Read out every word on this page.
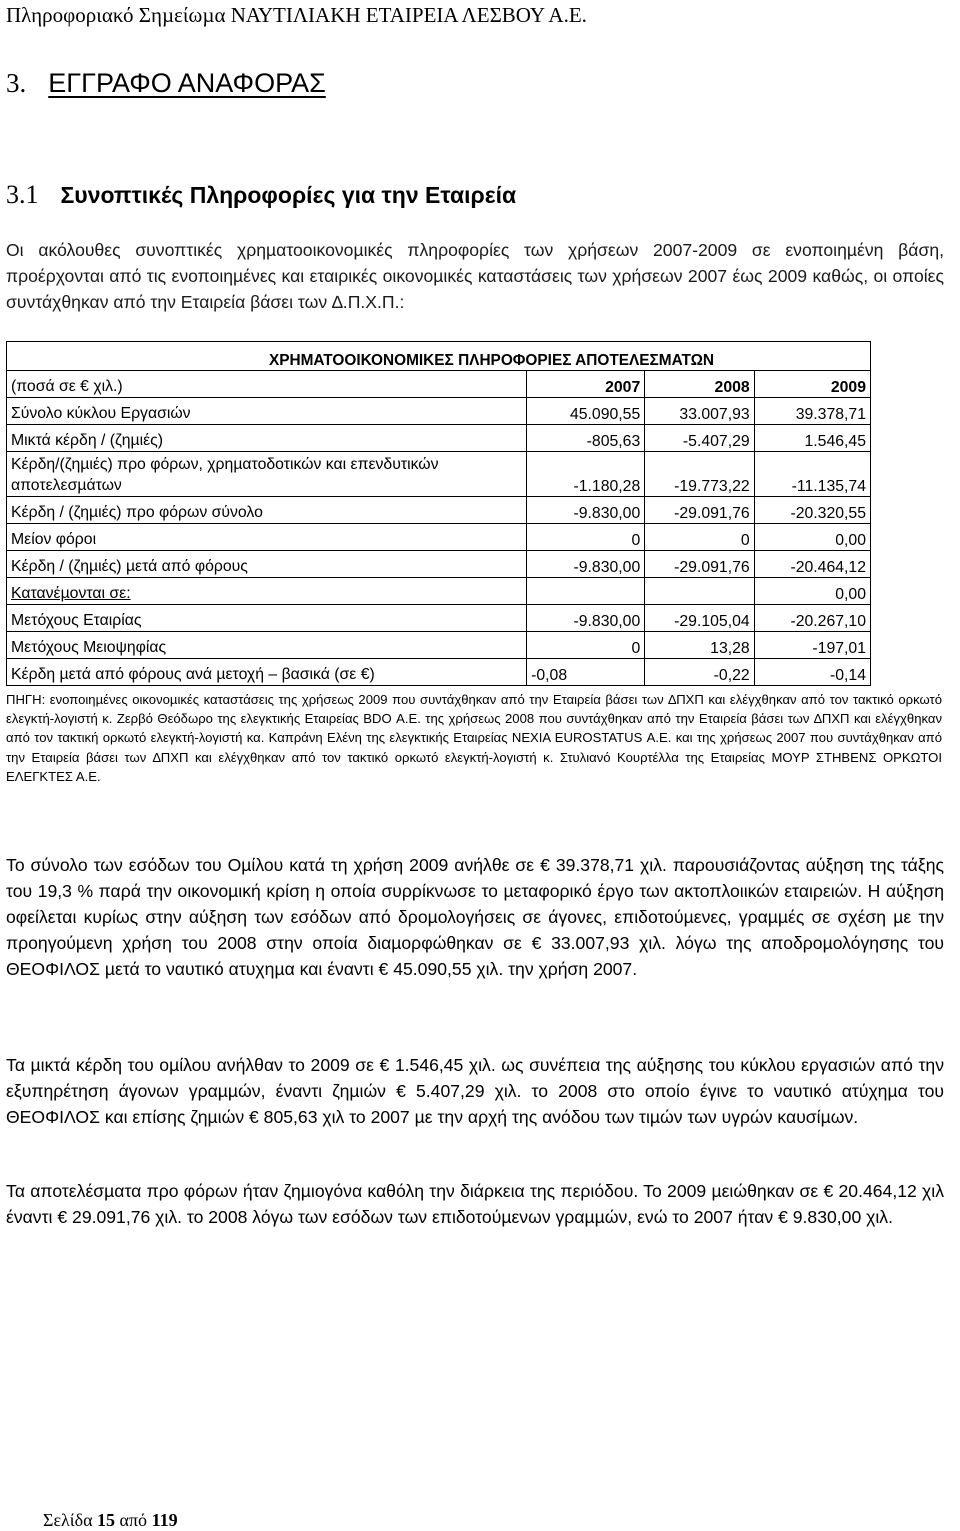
Πληροφοριακό Σηµείωµα ΝΑΥΤΙΛΙΑΚΗ ΕΤΑΙΡΕΙΑ ΛΕΣΒΟΥ Α.Ε.
3. ΕΓΓΡΑΦΟ ΑΝΑΦΟΡΑΣ
3.1 Συνοπτικές Πληροφορίες για την Εταιρεία
Οι ακόλουθες συνοπτικές χρηµατοοικονοµικές πληροφορίες των χρήσεων 2007-2009 σε ενοποιηµένη βάση, προέρχονται από τις ενοποιηµένες και εταιρικές οικονοµικές καταστάσεις των χρήσεων 2007 έως 2009 καθώς, οι οποίες συντάχθηκαν από την Εταιρεία βάσει των ∆.Π.Χ.Π.:
ΧΡΗΜΑΤΟΟΙΚΟΝΟΜΙΚΕΣ ΠΛΗΡΟΦΟΡΙΕΣ ΑΠΟΤΕΛΕΣΜΑΤΩΝ			
(ποσά σε € χιλ.)	2007	2008	2009
Σύνολο κύκλου Εργασιών	45.090,55	33.007,93	39.378,71
Μικτά κέρδη / (ζηµιές)	-805,63	-5.407,29	1.546,45
Κέρδη/(ζηµιές) προ φόρων, χρηµατοδοτικών και επενδυτικών αποτελεσµάτων	-1.180,28	-19.773,22	-11.135,74
Κέρδη / (ζηµιές) προ φόρων σύνολο	-9.830,00	-29.091,76	-20.320,55
Μείον φόροι	0	0	0,00
Κέρδη / (ζηµιές) µετά από φόρους	-9.830,00	-29.091,76	-20.464,12
Κατανέµονται σε:			0,00
Μετόχους Εταιρίας	-9.830,00	-29.105,04	-20.267,10
Μετόχους Μειοψηφίας	0	13,28	-197,01
Κέρδη µετά από φόρους ανά µετοχή – βασικά (σε €)	-0,08	-0,22	-0,14
ΠΗΓΗ: ενοποιηµένες οικονοµικές καταστάσεις της χρήσεως 2009 που συντάχθηκαν από την Εταιρεία βάσει των ∆ΠΧΠ και ελέγχθηκαν από τον τακτικό ορκωτό ελεγκτή-λογιστή κ. Ζερβό Θεόδωρο της ελεγκτικής Εταιρείας BDO Α.Ε. της χρήσεως 2008 που συντάχθηκαν από την Εταιρεία βάσει των ∆ΠΧΠ και ελέγχθηκαν από τον τακτική ορκωτό ελεγκτή-λογιστή κα. Καπράνη Ελένη της ελεγκτικής Εταιρείας NEXIA EUROSTATUS Α.Ε. και της χρήσεως 2007 που συντάχθηκαν από την Εταιρεία βάσει των ∆ΠΧΠ και ελέγχθηκαν από τον τακτικό ορκωτό ελεγκτή-λογιστή κ. Στυλιανό Κουρτέλλα της Εταιρείας ΜΟΥΡ ΣΤΗΒΕΝΣ ΟΡΚΩΤΟΙ ΕΛΕΓΚΤΕΣ Α.Ε.
Το σύνολο των εσόδων του Οµίλου κατά τη χρήση 2009 ανήλθε σε € 39.378,71 χιλ. παρουσιάζοντας αύξηση της τάξης του 19,3 % παρά την οικονοµική κρίση η οποία συρρίκνωσε το µεταφορικό έργο των ακτοπλοιικών εταιρειών. Η αύξηση οφείλεται κυρίως στην αύξηση των εσόδων από δροµολογήσεις σε άγονες, επιδοτούµενες, γραµµές σε σχέση µε την προηγούµενη χρήση του 2008 στην οποία διαµορφώθηκαν σε € 33.007,93 χιλ. λόγω της αποδροµολόγησης του ΘΕΟΦΙΛΟΣ µετά το ναυτικό ατυχηµα και έναντι € 45.090,55 χιλ. την χρήση 2007.
Τα µικτά κέρδη του οµίλου ανήλθαν το 2009 σε € 1.546,45 χιλ. ως συνέπεια της αύξησης του κύκλου εργασιών από την εξυπηρέτηση άγονων γραµµών, έναντι ζηµιών € 5.407,29 χιλ. το 2008 στο οποίο έγινε το ναυτικό ατύχηµα του ΘΕΟΦΙΛΟΣ και επίσης ζηµιών € 805,63 χιλ το 2007 µε την αρχή της ανόδου των τιµών των υγρών καυσίµων.
Τα αποτελέσµατα προ φόρων ήταν ζηµιογόνα καθόλη την διάρκεια της περιόδου. Το 2009 µειώθηκαν σε € 20.464,12 χιλ έναντι € 29.091,76 χιλ. το 2008 λόγω των εσόδων των επιδοτούµενων γραµµών, ενώ το 2007 ήταν € 9.830,00 χιλ.
Σελίδα 15 από 119
